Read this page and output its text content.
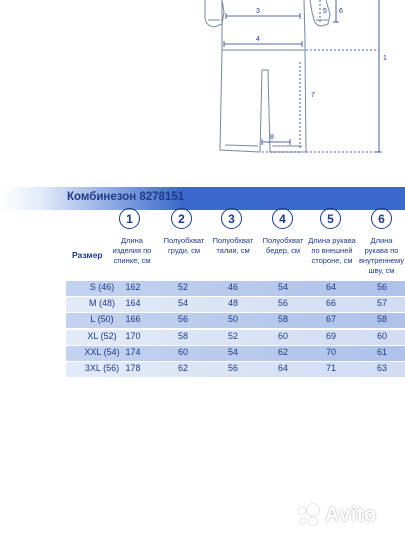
3
4
5 6
1
7
8
Комбинезон 8278151
1	2	3	4	5	6
Размер
Длина изделия по спинке, см
Полуобхват груди, см
Полуобхват талии, см
Полуобхват бедер, см
Длина рукава по внешней стороне, см
Длина рукава по внутреннему шву, см
S (46)	162	52	46	54	64	56
M (48)	164	54	48	56	66	57
L (50)	166	56	50	58	67	58
XL (52) 170	58	52	60	69	60
XXL (54) 174	60	54	62	70	61
3XL (56) 178	62	56	64	71	63
Avito
